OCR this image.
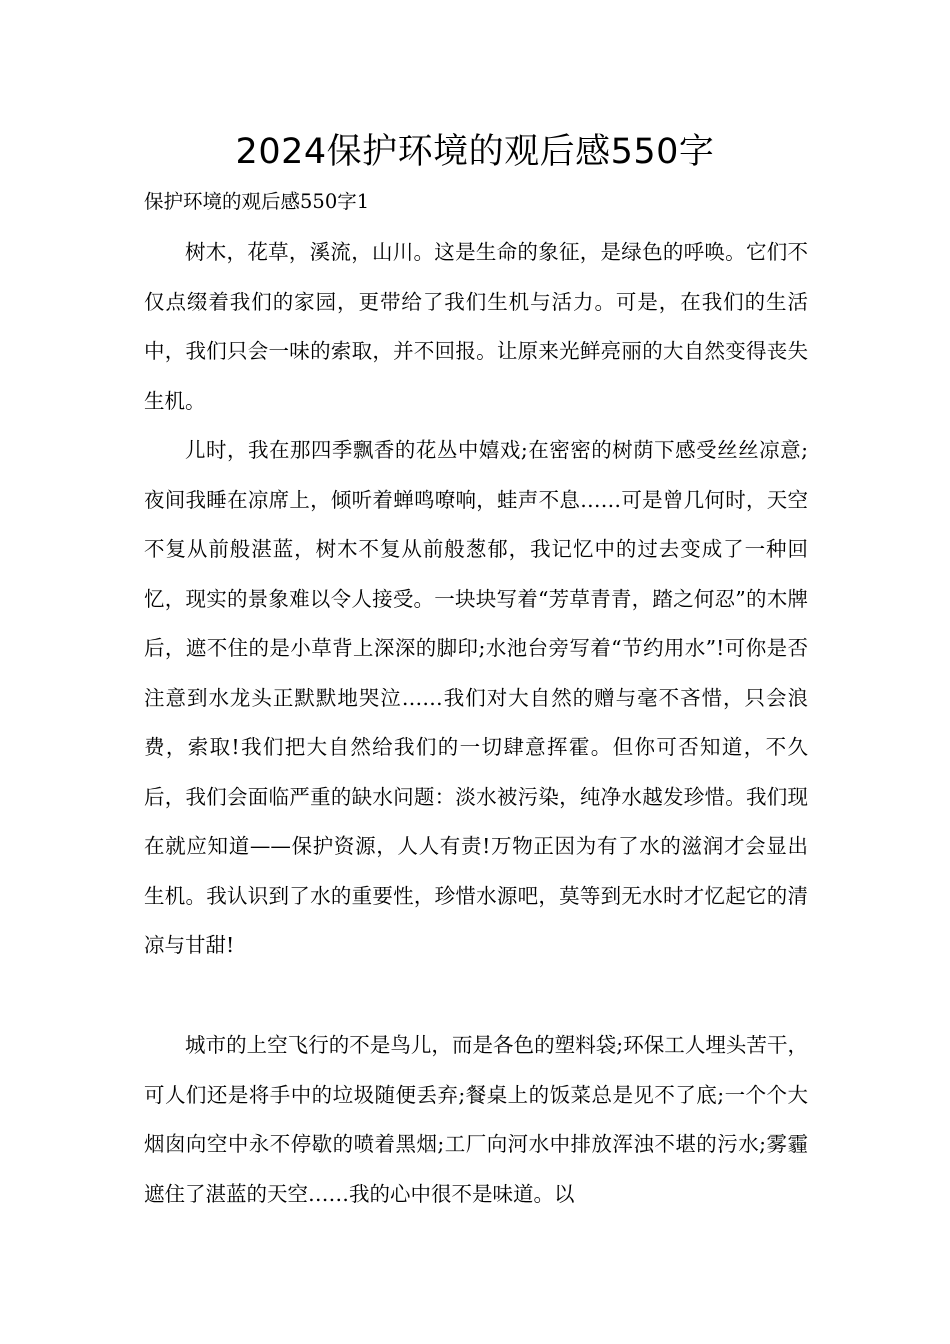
2024保护环境的观后感550字

保护环境的观后感550字1

树木，花草，溪流，山川。这是生命的象征，是绿色的呼唤。它们不仅点缀着我们的家园，更带给了我们生机与活力。可是，在我们的生活中，我们只会一味的索取，并不回报。让原来光鲜亮丽的大自然变得丧失生机。

儿时，我在那四季飘香的花丛中嬉戏;在密密的树荫下感受丝丝凉意;夜间我睡在凉席上，倾听着蝉鸣嘹响，蛙声不息……可是曾几何时，天空不复从前般湛蓝，树木不复从前般葱郁，我记忆中的过去变成了一种回忆，现实的景象难以令人接受。一块块写着“芳草青青，踏之何忍”的木牌后，遮不住的是小草背上深深的脚印;水池台旁写着“节约用水”!可你是否注意到水龙头正默默地哭泣……我们对大自然的赠与毫不吝惜，只会浪费，索取!我们把大自然给我们的一切肆意挥霍。但你可否知道，不久后，我们会面临严重的缺水问题：淡水被污染，纯净水越发珍惜。我们现在就应知道——保护资源，人人有责!万物正因为有了水的滋润才会显出生机。我认识到了水的重要性，珍惜水源吧，莫等到无水时才忆起它的清凉与甘甜!

城市的上空飞行的不是鸟儿，而是各色的塑料袋;环保工人埋头苦干，可人们还是将手中的垃圾随便丢弃;餐桌上的饭菜总是见不了底;一个个大烟囱向空中永不停歇的喷着黑烟;工厂向河水中排放浑浊不堪的污水;雾霾遮住了湛蓝的天空……我的心中很不是味道。以
